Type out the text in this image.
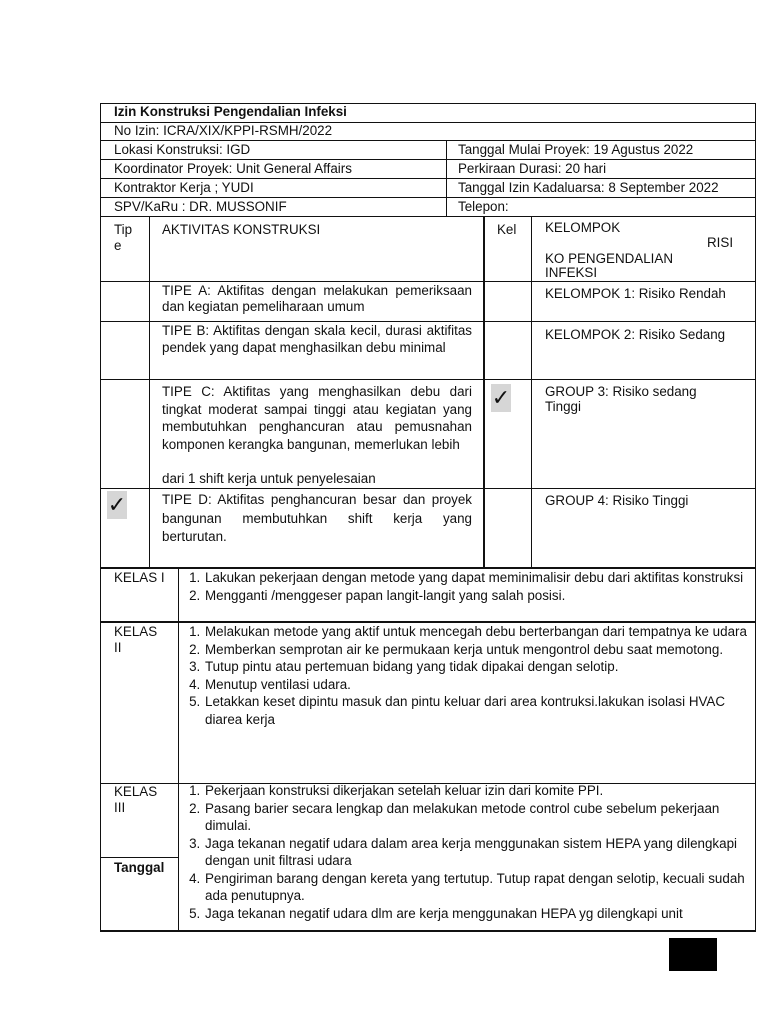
Izin Konstruksi Pengendalian Infeksi
No Izin: ICRA/XIX/KPPI-RSMH/2022
Lokasi Konstruksi: IGD	Tanggal Mulai Proyek: 19 Agustus 2022
Koordinator Proyek: Unit General Affairs	Perkiraan Durasi: 20 hari
Kontraktor Kerja ; YUDI	Tanggal Izin Kadaluarsa: 8 September 2022
SPV/KaRu : DR. MUSSONIF	Telepon:
Tip
e
AKTIVITAS KONSTRUKSI	Kel KELOMPOK
RISI
KO PENGENDALIAN
INFEKSI
TIPE A: Aktifitas dengan melakukan pemeriksaan dan kegiatan pemeliharaan umum
KELOMPOK 1: Risiko Rendah
TIPE B: Aktifitas dengan skala kecil, durasi aktifitas pendek yang dapat menghasilkan debu minimal
KELOMPOK 2: Risiko Sedang
TIPE C: Aktifitas yang menghasilkan debu dari tingkat moderat sampai tinggi atau kegiatan yang membutuhkan penghancuran atau pemusnahan komponen kerangka bangunan, memerlukan lebih
dari 1 shift kerja untuk penyelesaian
✓	GROUP 3: Risiko sedang
Tinggi
✓	TIPE D: Aktifitas penghancuran besar dan proyek bangunan membutuhkan shift kerja yang berturutan.
GROUP 4: Risiko Tinggi
KELAS I
1.	Lakukan pekerjaan dengan metode yang dapat meminimalisir debu dari aktifitas konstruksi
2. Mengganti /menggeser papan langit-langit yang salah posisi.
KELAS
II
1. Melakukan metode yang aktif untuk mencegah debu berterbangan dari tempatnya ke udara
2. Memberkan semprotan air ke permukaan kerja untuk mengontrol debu saat memotong.
3. Tutup pintu atau pertemuan bidang yang tidak dipakai dengan selotip.
4. Menutup ventilasi udara.
5. Letakkan keset dipintu masuk dan pintu keluar dari area kontruksi.lakukan isolasi HVAC diarea kerja
KELAS
III
Tanggal
1. Pekerjaan konstruksi dikerjakan setelah keluar izin dari komite PPI.
2. Pasang barier secara lengkap dan melakukan metode control cube sebelum pekerjaan dimulai.
3. Jaga tekanan negatif udara dalam area kerja menggunakan sistem HEPA yang dilengkapi dengan unit filtrasi udara
4. Pengiriman barang dengan kereta yang tertutup. Tutup rapat dengan selotip, kecuali sudah ada penutupnya.
5. Jaga tekanan negatif udara dlm are kerja menggunakan HEPA yg dilengkapi unit
